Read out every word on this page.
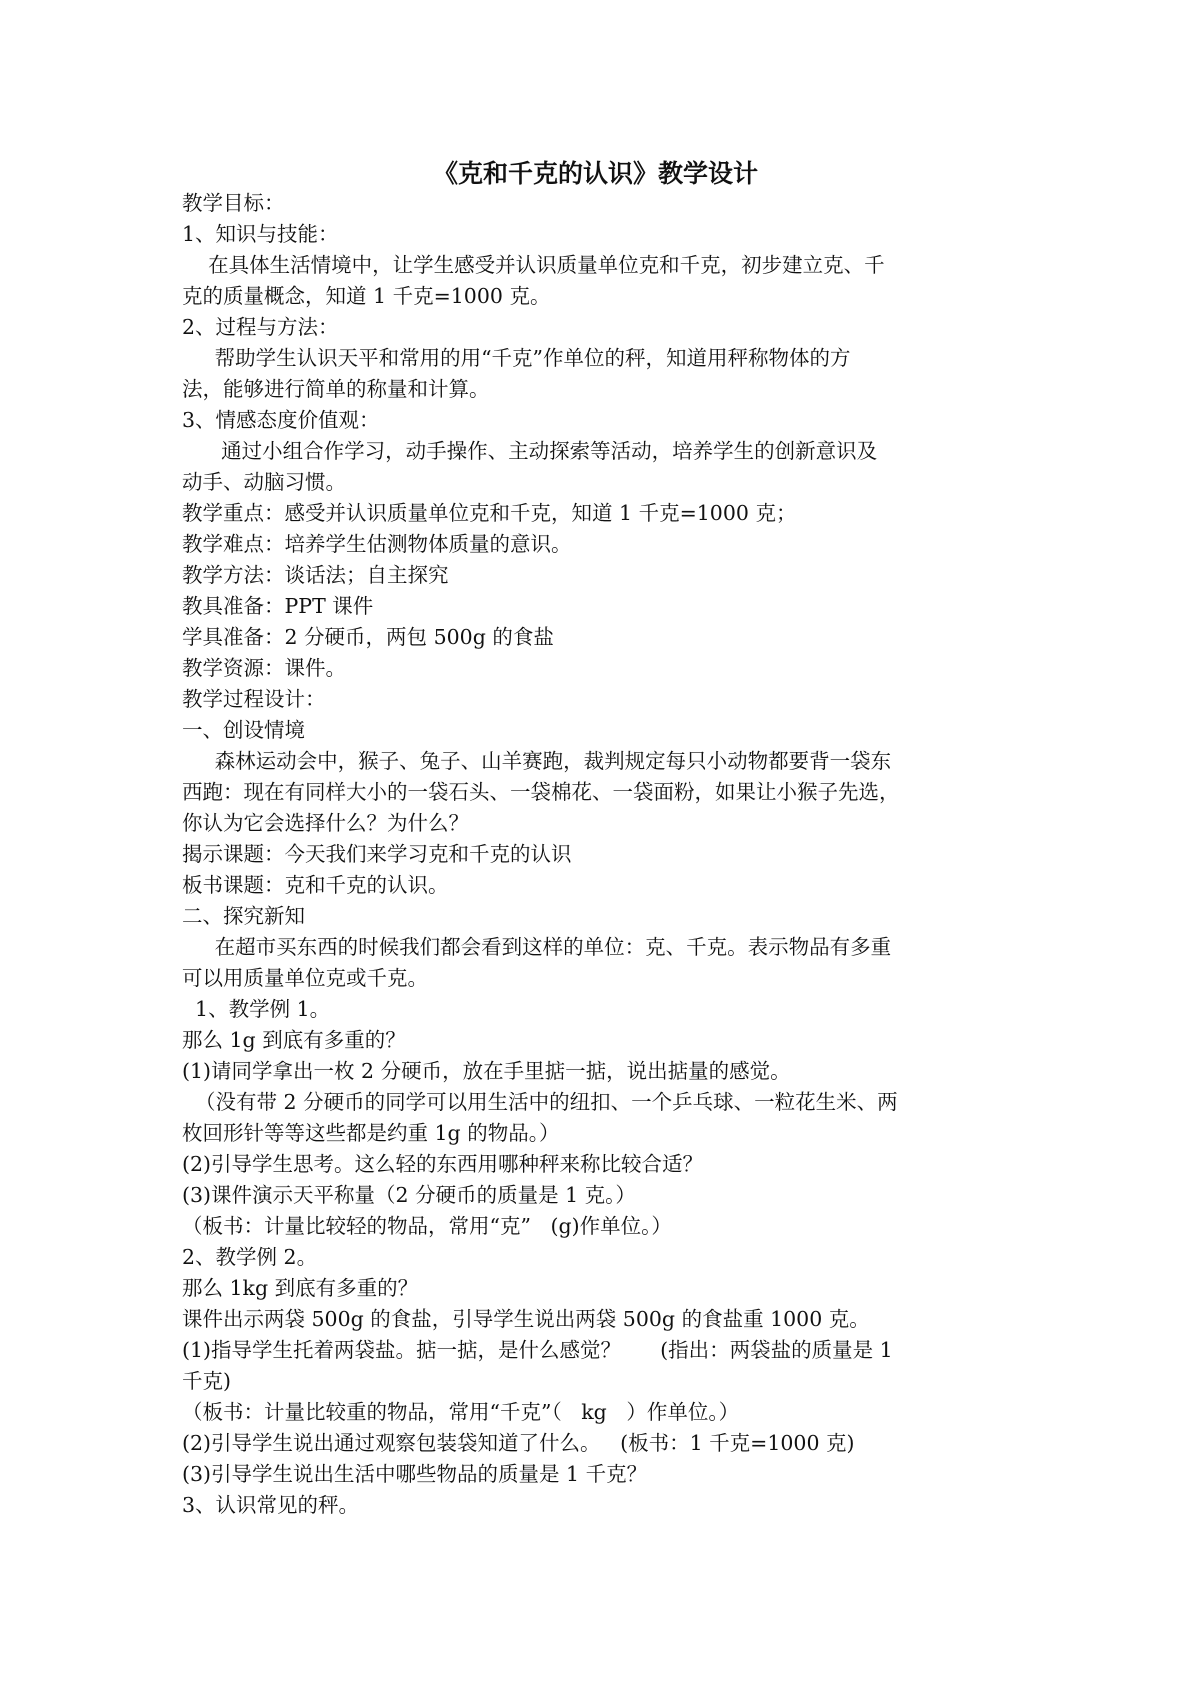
《克和千克的认识》教学设计
教学目标：
1、知识与技能：
在具体生活情境中，让学生感受并认识质量单位克和千克，初步建立克、千
克的质量概念，知道 1 千克=1000 克。
2、过程与方法：
帮助学生认识天平和常用的用“千克”作单位的秤，知道用秤称物体的方
法，能够进行简单的称量和计算。
3、情感态度价值观：
通过小组合作学习，动手操作、主动探索等活动，培养学生的创新意识及
动手、动脑习惯。
教学重点：感受并认识质量单位克和千克，知道 1 千克=1000 克；
教学难点：培养学生估测物体质量的意识。
教学方法：谈话法；自主探究
教具准备：PPT 课件
学具准备：2 分硬币，两包 500g 的食盐
教学资源：课件。
教学过程设计：
一、创设情境
森林运动会中，猴子、兔子、山羊赛跑，裁判规定每只小动物都要背一袋东
西跑：现在有同样大小的一袋石头、一袋棉花、一袋面粉，如果让小猴子先选，
你认为它会选择什么？为什么？
揭示课题：今天我们来学习克和千克的认识
板书课题：克和千克的认识。
二、探究新知
在超市买东西的时候我们都会看到这样的单位：克、千克。表示物品有多重
可以用质量单位克或千克。
1、教学例 1。
那么 1g 到底有多重的？
(1)请同学拿出一枚 2 分硬币，放在手里掂一掂，说出掂量的感觉。
（没有带 2 分硬币的同学可以用生活中的纽扣、一个乒乓球、一粒花生米、两
枚回形针等等这些都是约重 1g 的物品。）
(2)引导学生思考。这么轻的东西用哪种秤来称比较合适？
(3)课件演示天平称量（2 分硬币的质量是 1 克。）
（板书：计量比较轻的物品，常用“克”   (g)作单位。）
2、教学例 2。
那么 1kg 到底有多重的？
课件出示两袋 500g 的食盐，引导学生说出两袋 500g 的食盐重 1000 克。
(1)指导学生托着两袋盐。掂一掂，是什么感觉？      (指出：两袋盐的质量是 1
千克)
（板书：计量比较重的物品，常用“千克”（   kg   ）作单位。）
(2)引导学生说出通过观察包装袋知道了什么。   (板书：1 千克=1000 克)
(3)引导学生说出生活中哪些物品的质量是 1 千克？
3、认识常见的秤。
